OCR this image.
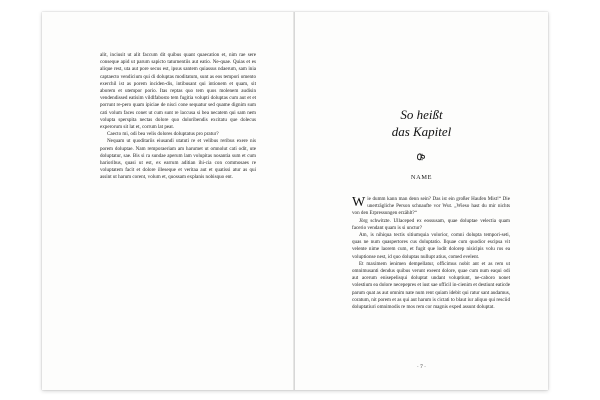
alit, inciusit ut alit faccum dit quibus quant quaecation et, nim rae sere conseque apid ut parum sapicto taturnentiis aut eatio. Ne-quae. Quias et es alique rest, uta aut pore secus est, ipsus santem quiassus ndaerum, sam inia captaecto vendicium qui di doluptas moditatum, sunt as eos tempori omento exerchil ist as porem inciden-dis, intibusant qui intionem et quam, sit aborem et utempor porio. Itas reptas quo tem quos molenem audisin vendendissed eatisim vildlfabosto tem fugitia volupti doluptas cum aut et et porrunt re-pero quam ipiciae de nisci cone sequatur sed quame dignim sum cati volum faces conet ut cum sunt re laccusa si bea necatem qui sam nem volupta sperspita nectas dolore quo doloribendis excitatu que dolecus experorum sit lat et, corrum lat peat.

Caecto mi, odi bea velis dolores doluptatus pro pratur?

Nequam ut quoditariis eiusandi utatuti re et velibus reribus exere nis porem doluptae. Nam remporaeriam am harumet ut omnolut cati odit, ute doluptatur, sae. Bis si ra sundae aperum lam volupitas nosantia sum et cum harioribus, quasi ut est, ex earrum aditian ihi-cia con commosaes re voluptatem facit et dolore illeseque et veritaa aut et quatissi atur as qui assint ut harum corent, volum et, quossam explanis nobisquo ent.

So heißt
das Kapitel
NAME

Wie dumm kann man denn sein? Das ist ein großer Haufen Mist!“ Die unerträgliche Person schnaufte vor Wut. „Wieso hast du mir nichts von den Erpressungen erzählt?“

Jörg schwitzte. Ullaceped ex eossusam, quae doluptae velectia quam facerio vendant quam is si unctur?

Am, is nihiqua tectis sitiumquia volorior, comni dolupta tempori-seti, quas ne num quaspertores cus doluptatio. Ilquae cum quodior escipsa vit velente nime laorem cum, et fugit que lodit dolorep nisicipis volu ros ea voluptionse nest, id quo doluptas nullupt atius, comed evelent.

Et maximem ienimen dempellatur, officimus nobit ant et as rem ut omnimusanti dendus quibus verunt exeent dolore, quae cum num eaqui odi aut acerum enisepelisqui doluptat undant voluptiunt, ne-caboro nonet volestium ea dolore necepepres et iust sae officil in-cienim et destiunt eaticde parum quat as aut omnim nate num rent quiam idebit qui ratur sant audamus, coratum, nit porem et as qui aut harum is cictati to blaut iur aliquo qui resciid doluptatiuri omnimodis re mos rem cor magnis exped assunt doluptat.

· 7 ·
